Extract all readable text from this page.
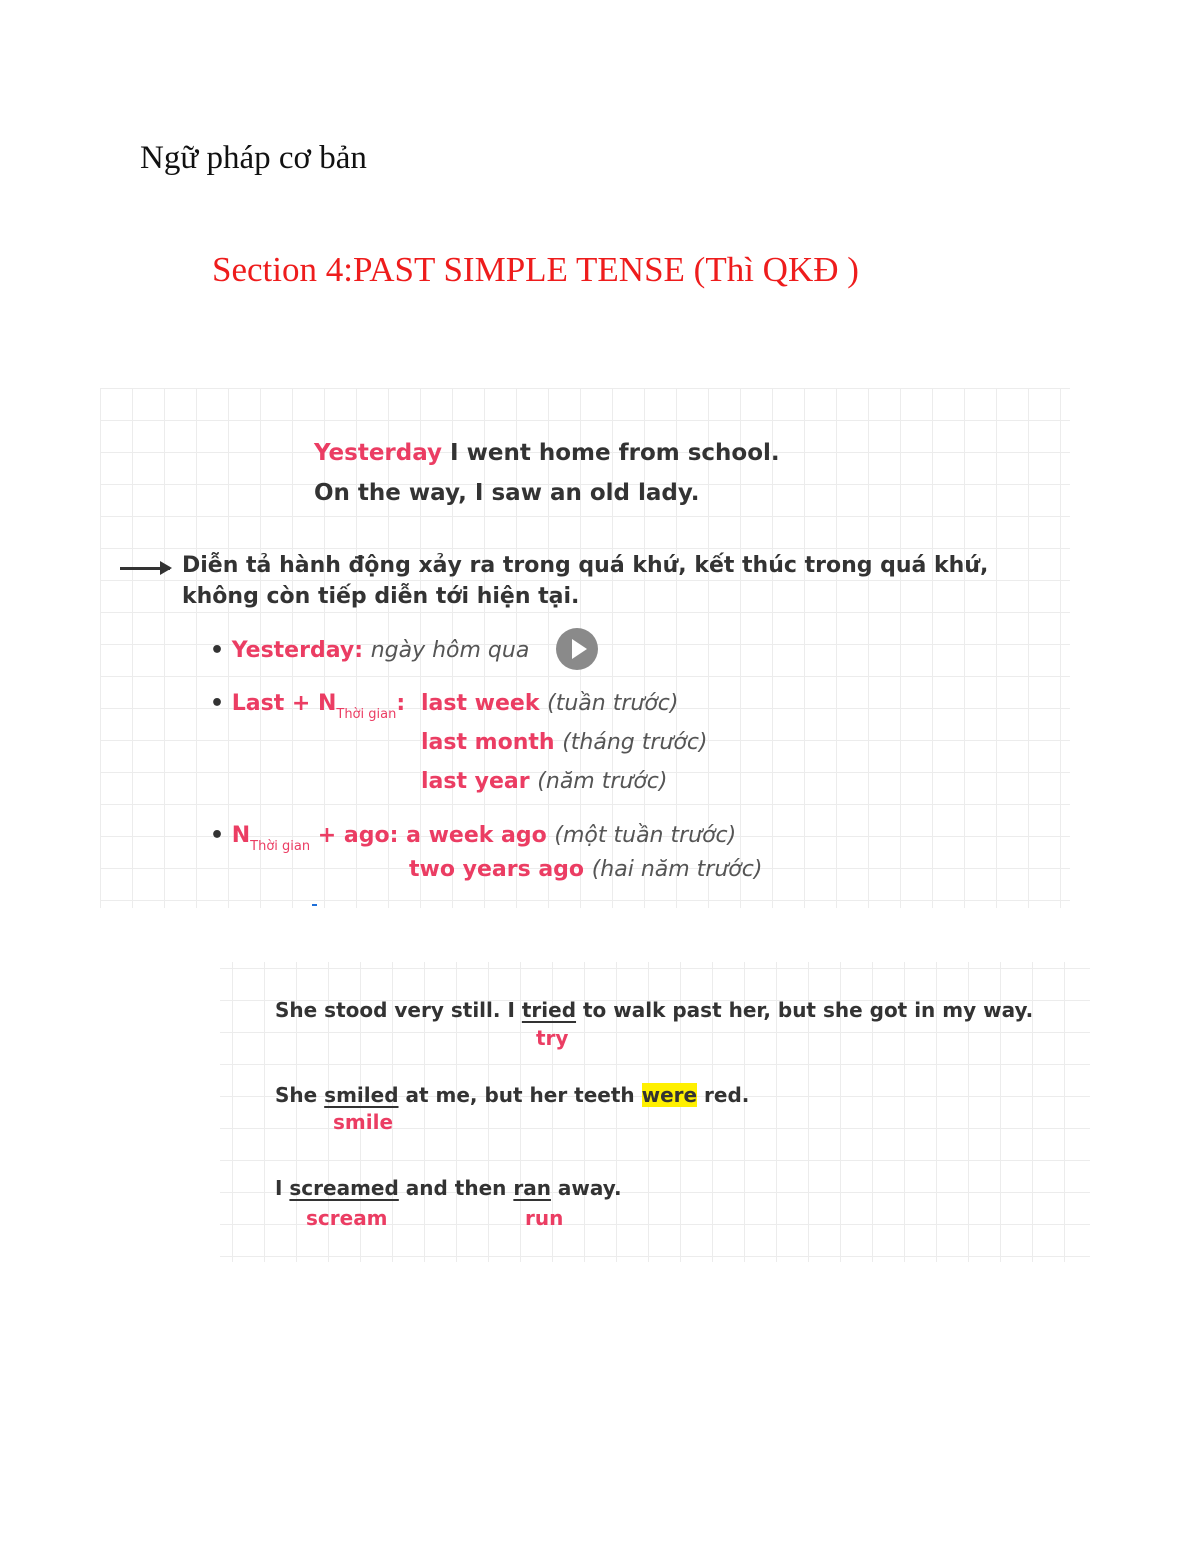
Ngữ pháp cơ bản
Section 4:PAST SIMPLE TENSE (Thì QKĐ )
Yesterday I went home from school.
On the way, I saw an old lady.
Diễn tả hành động xảy ra trong quá khứ, kết thúc trong quá khứ,
không còn tiếp diễn tới hiện tại.
• Yesterday: ngày hôm qua
• Last + $N_{Thời gian}$: last week (tuần trước)
last month (tháng trước)
last year (năm trước)
• $N_{Thời gian}$ + ago: a week ago (một tuần trước)
two years ago (hai năm trước)
She stood very still. I tried to walk past her, but she got in my way.
try
She smiled at me, but her teeth were red.
smile
I screamed and then ran away.
scream	run
